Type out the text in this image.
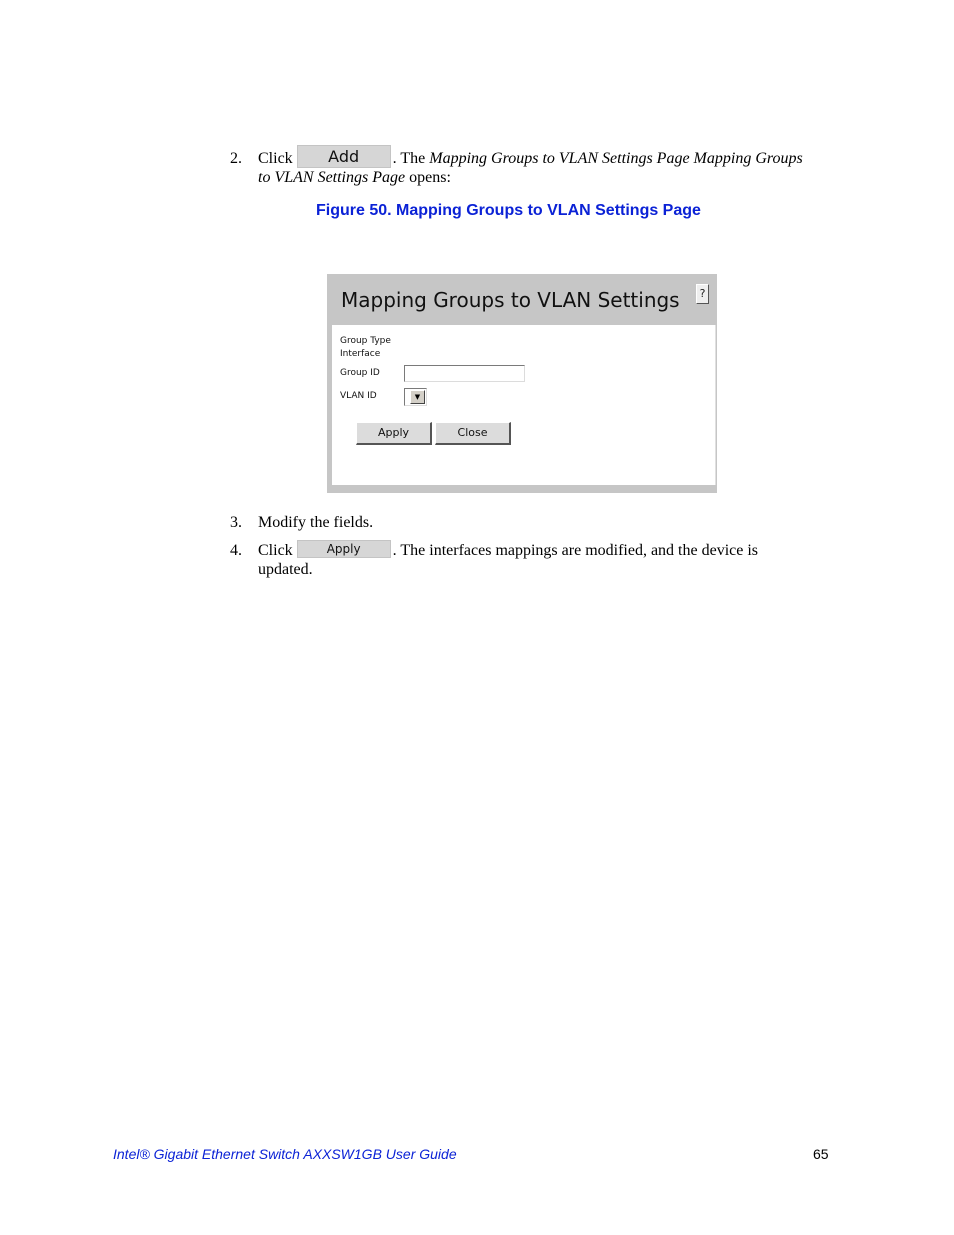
2. Click Add . The Mapping Groups to VLAN Settings Page Mapping Groups to VLAN Settings Page opens:
Figure 50. Mapping Groups to VLAN Settings Page
Mapping Groups to VLAN Settings	?
Group Type
Interface
Group ID
VLAN ID	▼
Apply	Close
3. Modify the fields.
4. Click	Apply . The interfaces mappings are modified, and the device is updated.
Intel® Gigabit Ethernet Switch AXXSW1GB User Guide	65
